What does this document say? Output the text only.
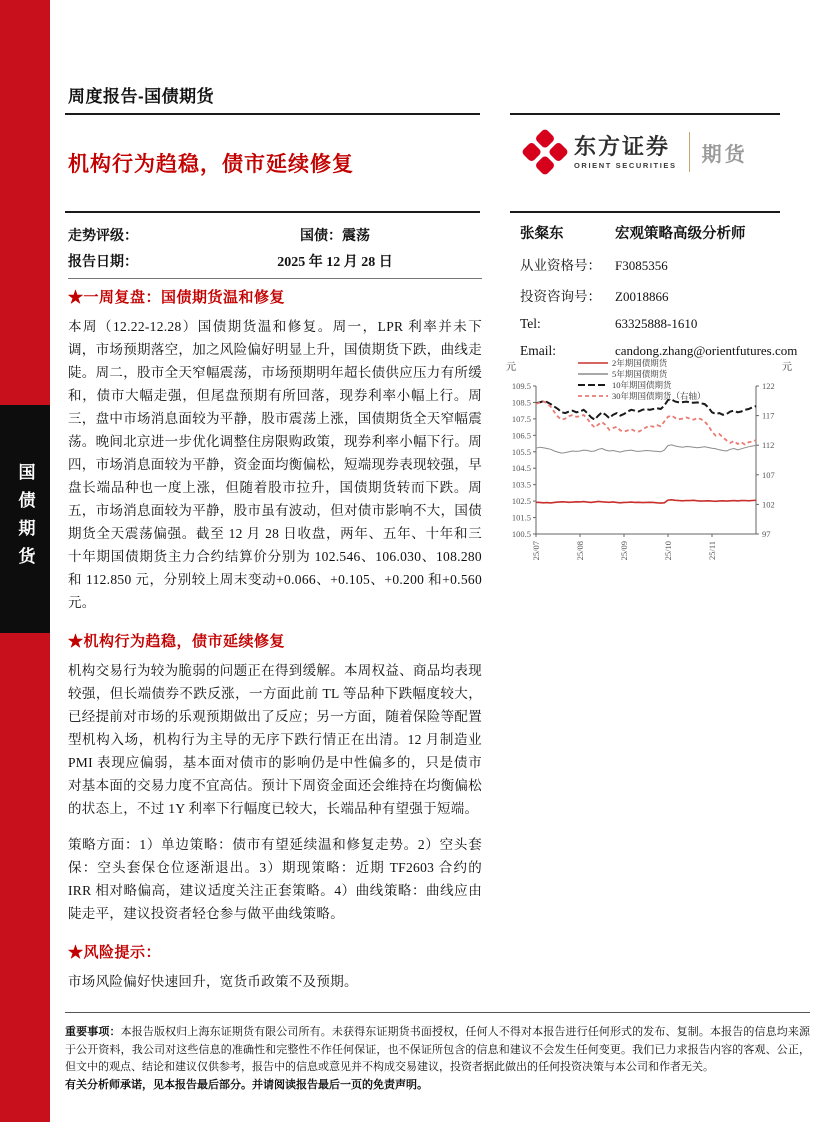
国债期货
周度报告-国债期货
机构行为趋稳，债市延续修复
东方证券
ORIENT SECURITIES 期货
走势评级：	国债：震荡
报告日期：	2025 年 12 月 28 日
张粲东	宏观策略高级分析师
从业资格号：	F3085356
投资咨询号：	Z0018866
Tel:	63325888-1610
Email:	candong.zhang@orientfutures.com
★一周复盘：国债期货温和修复

本周（12.22-12.28）国债期货温和修复。周一，LPR 利率并未下调，市场预期落空，加之风险偏好明显上升，国债期货下跌，曲线走陡。周二，股市全天窄幅震荡，市场预期明年超长债供应压力有所缓和，债市大幅走强，但尾盘预期有所回落，现券利率小幅上行。周三，盘中市场消息面较为平静，股市震荡上涨，国债期货全天窄幅震荡。晚间北京进一步优化调整住房限购政策，现券利率小幅下行。周四，市场消息面较为平静，资金面均衡偏松，短端现券表现较强，早盘长端品种也一度上涨，但随着股市拉升，国债期货转而下跌。周五，市场消息面较为平静，股市虽有波动，但对债市影响不大，国债期货全天震荡偏强。截至 12 月 28 日收盘，两年、五年、十年和三十年期国债期货主力合约结算价分别为 102.546、106.030、108.280 和 112.850 元，分别较上周末变动+0.066、+0.105、+0.200 和+0.560 元。

★机构行为趋稳，债市延续修复

机构交易行为较为脆弱的问题正在得到缓解。本周权益、商品均表现较强，但长端债券不跌反涨，一方面此前 TL 等品种下跌幅度较大，已经提前对市场的乐观预期做出了反应；另一方面，随着保险等配置型机构入场，机构行为主导的无序下跌行情正在出清。12 月制造业 PMI 表现应偏弱，基本面对债市的影响仍是中性偏多的，只是债市对基本面的交易力度不宜高估。预计下周资金面还会维持在均衡偏松的状态上，不过 1Y 利率下行幅度已较大，长端品种有望强于短端。

策略方面：1）单边策略：债市有望延续温和修复走势。2）空头套保：空头套保仓位逐渐退出。3）期现策略：近期 TF2603 合约的 IRR 相对略偏高，建议适度关注正套策略。4）曲线策略：曲线应由陡走平，建议投资者轻仓参与做平曲线策略。

★风险提示：

市场风险偏好快速回升，宽货币政策不及预期。

100.5
101.5
102.5
103.5
104.5
105.5
106.5
107.5
108.5
109.5
97
102
107
112
117
122
25/07	25/08	25/09	25/10	25/11
元	元
2年期国债期货
5年期国债期货
10年期国债期货
30年期国债期货（右轴）

重要事项：本报告版权归上海东证期货有限公司所有。未获得东证期货书面授权，任何人不得对本报告进行任何形式的发布、复制。本报告的信息均来源于公开资料，我公司对这些信息的准确性和完整性不作任何保证，也不保证所包含的信息和建议不会发生任何变更。我们已力求报告内容的客观、公正，但文中的观点、结论和建议仅供参考，报告中的信息或意见并不构成交易建议，投资者据此做出的任何投资决策与本公司和作者无关。

有关分析师承诺，见本报告最后部分。并请阅读报告最后一页的免责声明。
